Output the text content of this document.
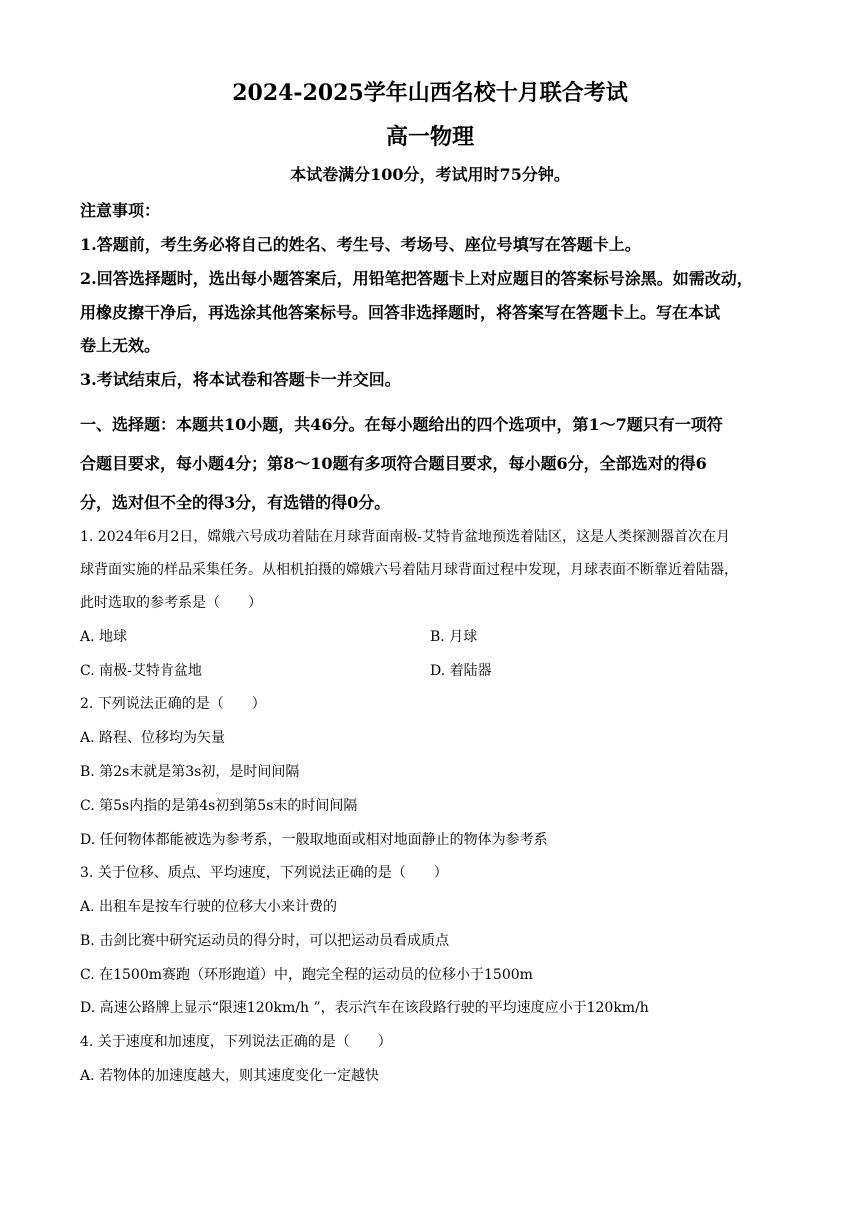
2024-2025学年山西名校十月联合考试
高一物理
本试卷满分100分，考试用时75分钟。
注意事项：
1.答题前，考生务必将自己的姓名、考生号、考场号、座位号填写在答题卡上。
2.回答选择题时，选出每小题答案后，用铅笔把答题卡上对应题目的答案标号涂黑。如需改动，
用橡皮擦干净后，再选涂其他答案标号。回答非选择题时，将答案写在答题卡上。写在本试
卷上无效。
3.考试结束后，将本试卷和答题卡一并交回。
一、选择题：本题共10小题，共46分。在每小题给出的四个选项中，第1～7题只有一项符
合题目要求，每小题4分；第8～10题有多项符合题目要求，每小题6分，全部选对的得6
分，选对但不全的得3分，有选错的得0分。
1. 2024年6月2日，嫦娥六号成功着陆在月球背面南极-艾特肯盆地预选着陆区，这是人类探测器首次在月
球背面实施的样品采集任务。从相机拍摄的嫦娥六号着陆月球背面过程中发现，月球表面不断靠近着陆器，
此时选取的参考系是（　　）
A. 地球	B. 月球
C. 南极-艾特肯盆地	D. 着陆器
2. 下列说法正确的是（　　）
A. 路程、位移均为矢量
B. 第2s末就是第3s初，是时间间隔
C. 第5s内指的是第4s初到第5s末的时间间隔
D. 任何物体都能被选为参考系，一般取地面或相对地面静止的物体为参考系
3. 关于位移、质点、平均速度，下列说法正确的是（　　）
A. 出租车是按车行驶的位移大小来计费的
B. 击剑比赛中研究运动员的得分时，可以把运动员看成质点
C. 在1500m赛跑（环形跑道）中，跑完全程的运动员的位移小于1500m
D. 高速公路牌上显示“限速120km/h ”，表示汽车在该段路行驶的平均速度应小于120km/h
4. 关于速度和加速度，下列说法正确的是（　　）
A. 若物体的加速度越大，则其速度变化一定越快
